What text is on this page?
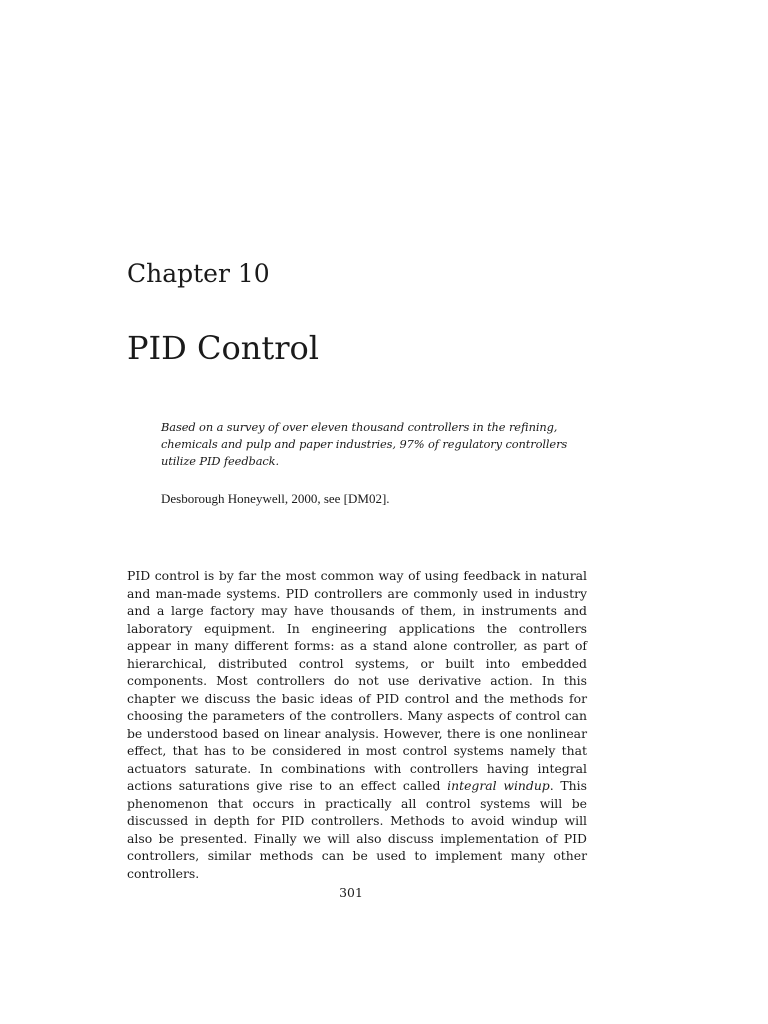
Chapter 10
PID Control
Based on a survey of over eleven thousand controllers in the refining, chemicals and pulp and paper industries, 97% of regulatory controllers utilize PID feedback.
Desborough Honeywell, 2000, see [DM02].
PID control is by far the most common way of using feedback in natural and man-made systems. PID controllers are commonly used in industry and a large factory may have thousands of them, in instruments and laboratory equipment. In engineering applications the controllers appear in many different forms: as a stand alone controller, as part of hierarchical, distributed control systems, or built into embedded components. Most controllers do not use derivative action. In this chapter we discuss the basic ideas of PID control and the methods for choosing the parameters of the controllers. Many aspects of control can be understood based on linear analysis. However, there is one nonlinear effect, that has to be considered in most control systems namely that actuators saturate. In combinations with controllers having integral actions saturations give rise to an effect called integral windup. This phenomenon that occurs in practically all control systems will be discussed in depth for PID controllers. Methods to avoid windup will also be presented. Finally we will also discuss implementation of PID controllers, similar methods can be used to implement many other controllers.
301
